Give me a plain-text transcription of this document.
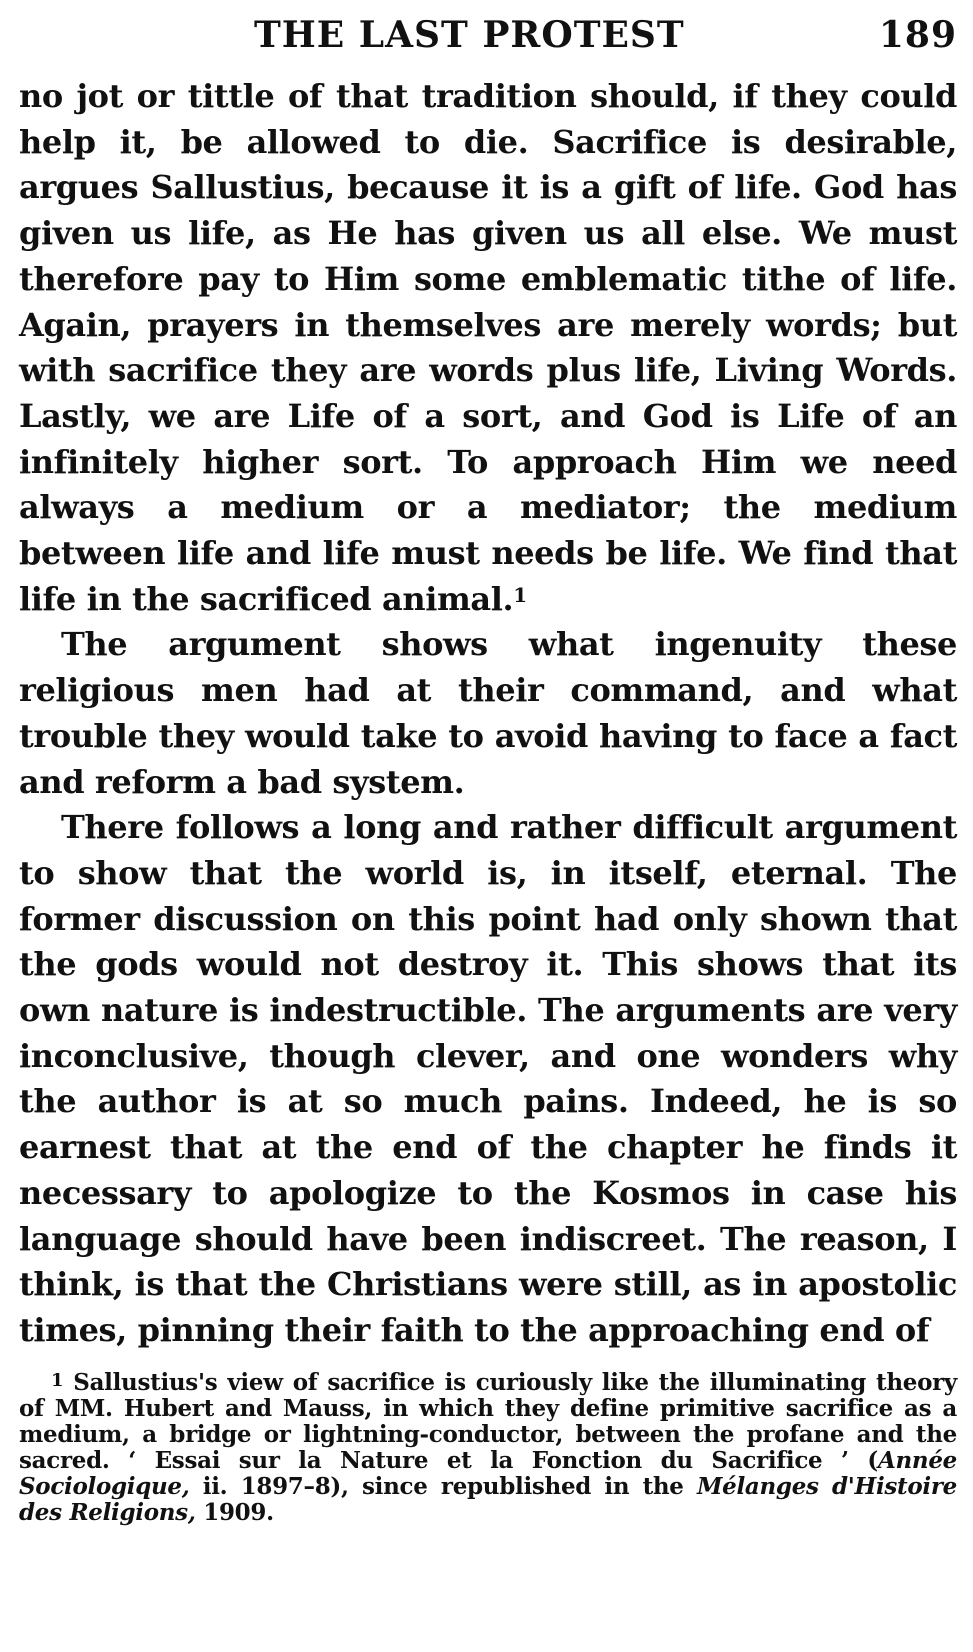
THE LAST PROTEST	189

no jot or tittle of that tradition should, if they could help it, be allowed to die. Sacrifice is desirable, argues Sallustius, because it is a gift of life. God has given us life, as He has given us all else. We must therefore pay to Him some emblematic tithe of life. Again, prayers in themselves are merely words; but with sacrifice they are words plus life, Living Words. Lastly, we are Life of a sort, and God is Life of an infinitely higher sort. To approach Him we need always a medium or a mediator; the medium between life and life must needs be life. We find that life in the sacrificed animal.$^1$

The argument shows what ingenuity these religious men had at their command, and what trouble they would take to avoid having to face a fact and reform a bad system.

There follows a long and rather difficult argument to show that the world is, in itself, eternal. The former discussion on this point had only shown that the gods would not destroy it. This shows that its own nature is indestructible. The arguments are very inconclusive, though clever, and one wonders why the author is at so much pains. Indeed, he is so earnest that at the end of the chapter he finds it necessary to apologize to the Kosmos in case his language should have been indiscreet. The reason, I think, is that the Christians were still, as in apostolic times, pinning their faith to the approaching end of

$^1$ Sallustius's view of sacrifice is curiously like the illuminating theory of MM. Hubert and Mauss, in which they define primitive sacrifice as a medium, a bridge or lightning-conductor, between the profane and the sacred. ‘ Essai sur la Nature et la Fonction du Sacrifice ’ (Année Sociologique, ii. 1897–8), since republished in the Mélanges d'Histoire des Religions, 1909.
